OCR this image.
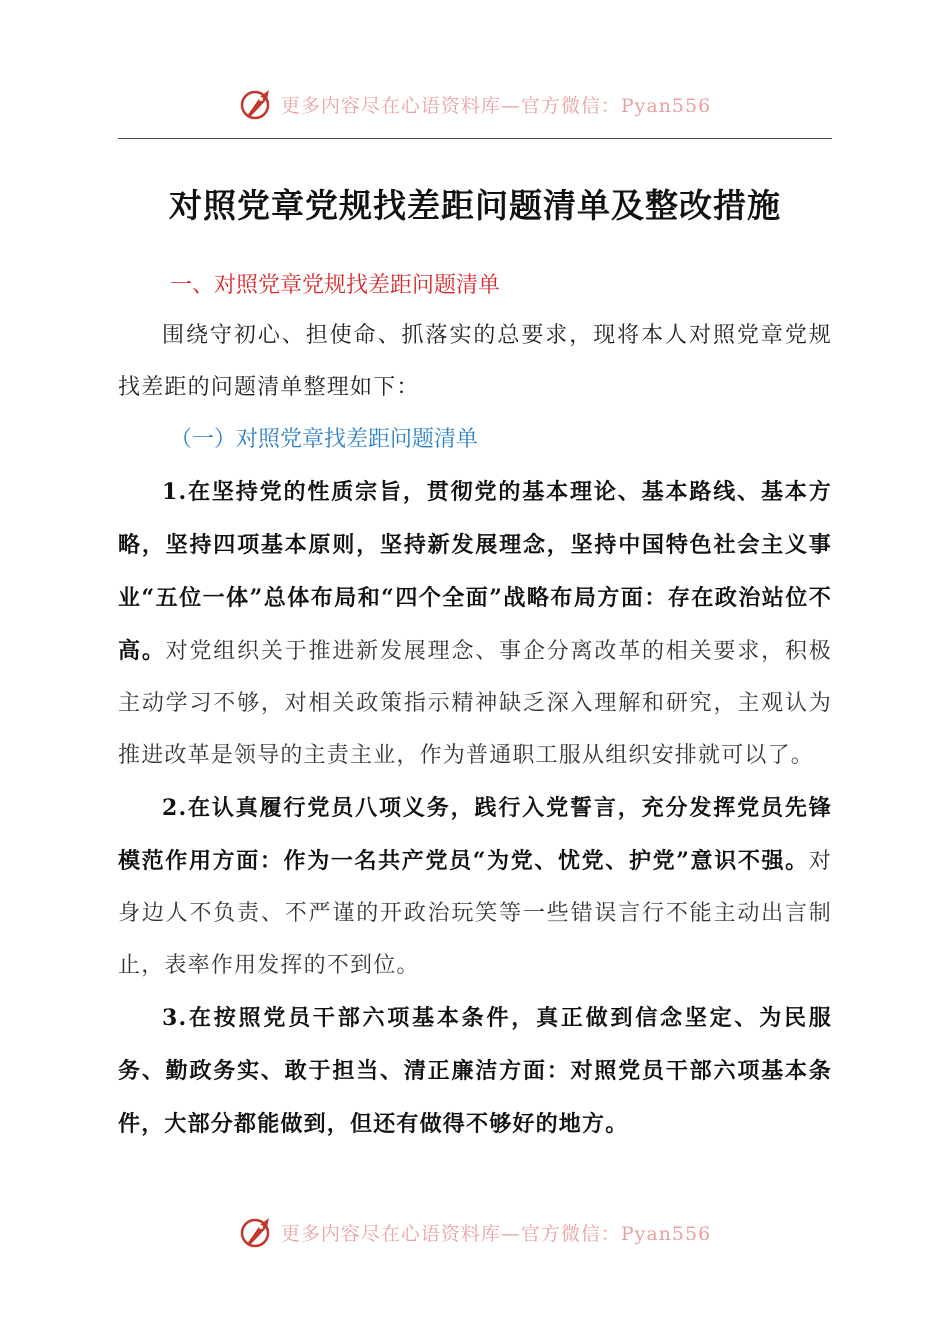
更多内容尽在心语资料库—官方微信：Pyan556
对照党章党规找差距问题清单及整改措施
一、对照党章党规找差距问题清单

围绕守初心、担使命、抓落实的总要求，现将本人对照党章党规找差距的问题清单整理如下：

（一）对照党章找差距问题清单

1.在坚持党的性质宗旨，贯彻党的基本理论、基本路线、基本方略，坚持四项基本原则，坚持新发展理念，坚持中国特色社会主义事业“五位一体”总体布局和“四个全面”战略布局方面：存在政治站位不高。对党组织关于推进新发展理念、事企分离改革的相关要求，积极主动学习不够，对相关政策指示精神缺乏深入理解和研究，主观认为推进改革是领导的主责主业，作为普通职工服从组织安排就可以了。

2.在认真履行党员八项义务，践行入党誓言，充分发挥党员先锋模范作用方面：作为一名共产党员“为党、忧党、护党”意识不强。对身边人不负责、不严谨的开政治玩笑等一些错误言行不能主动出言制止，表率作用发挥的不到位。

3.在按照党员干部六项基本条件，真正做到信念坚定、为民服务、勤政务实、敢于担当、清正廉洁方面：对照党员干部六项基本条件，大部分都能做到，但还有做得不够好的地方。

更多内容尽在心语资料库—官方微信：Pyan556
